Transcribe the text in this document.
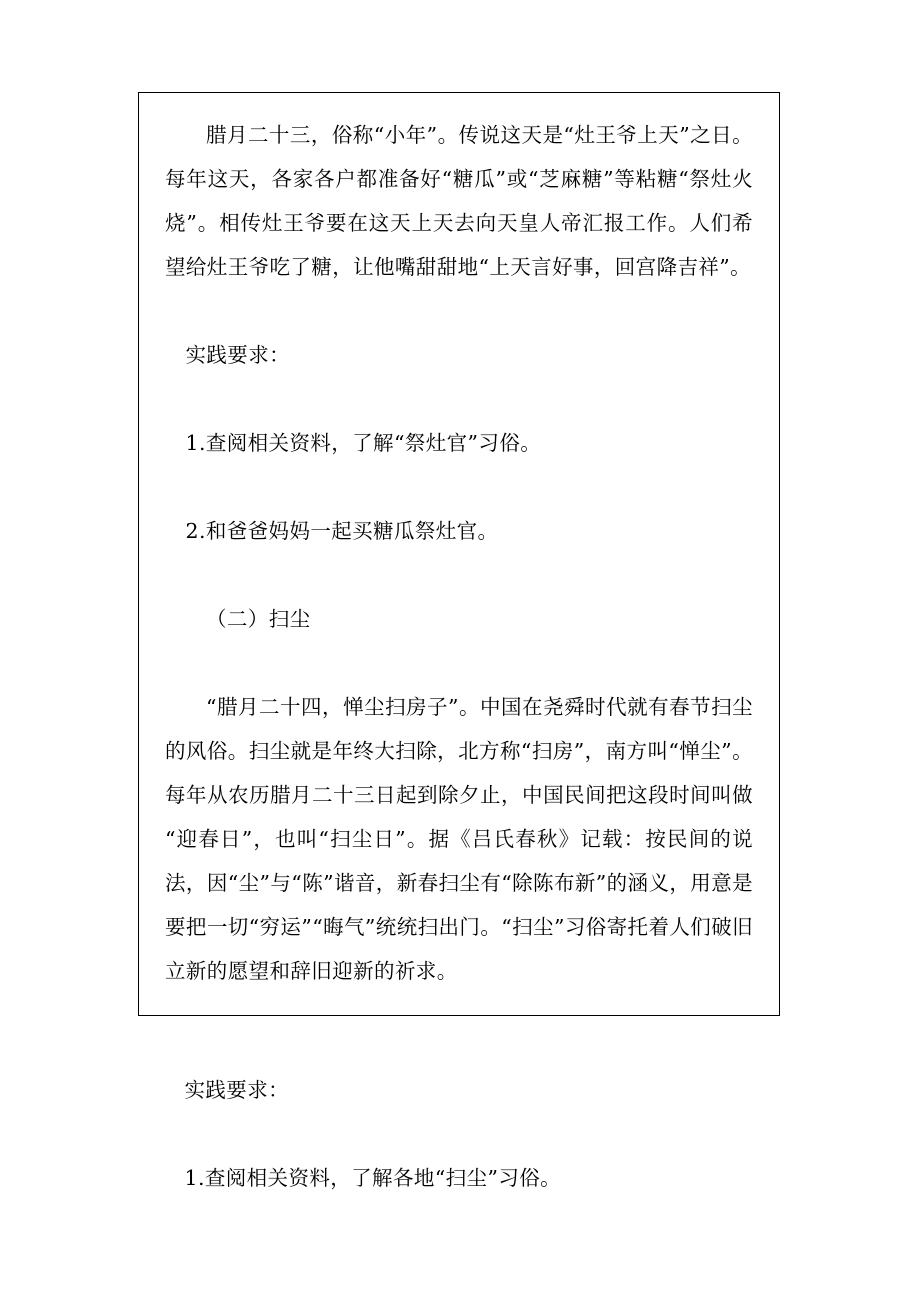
腊月二十三，俗称“小年”。传说这天是“灶王爷上天”之日。每年这天，各家各户都准备好“糖瓜”或“芝麻糖”等粘糖“祭灶火烧”。相传灶王爷要在这天上天去向天皇人帝汇报工作。人们希望给灶王爷吃了糖，让他嘴甜甜地“上天言好事，回宫降吉祥”。

实践要求：

1.查阅相关资料，了解“祭灶官”习俗。

2.和爸爸妈妈一起买糖瓜祭灶官。

（二）扫尘

“腊月二十四，惮尘扫房子”。中国在尧舜时代就有春节扫尘的风俗。扫尘就是年终大扫除，北方称“扫房”，南方叫“惮尘”。每年从农历腊月二十三日起到除夕止，中国民间把这段时间叫做“迎春日”，也叫“扫尘日”。据《吕氏春秋》记载：按民间的说法，因“尘”与“陈”谐音，新春扫尘有“除陈布新”的涵义，用意是要把一切“穷运”“晦气”统统扫出门。“扫尘”习俗寄托着人们破旧立新的愿望和辞旧迎新的祈求。

实践要求：

1.查阅相关资料，了解各地“扫尘”习俗。
